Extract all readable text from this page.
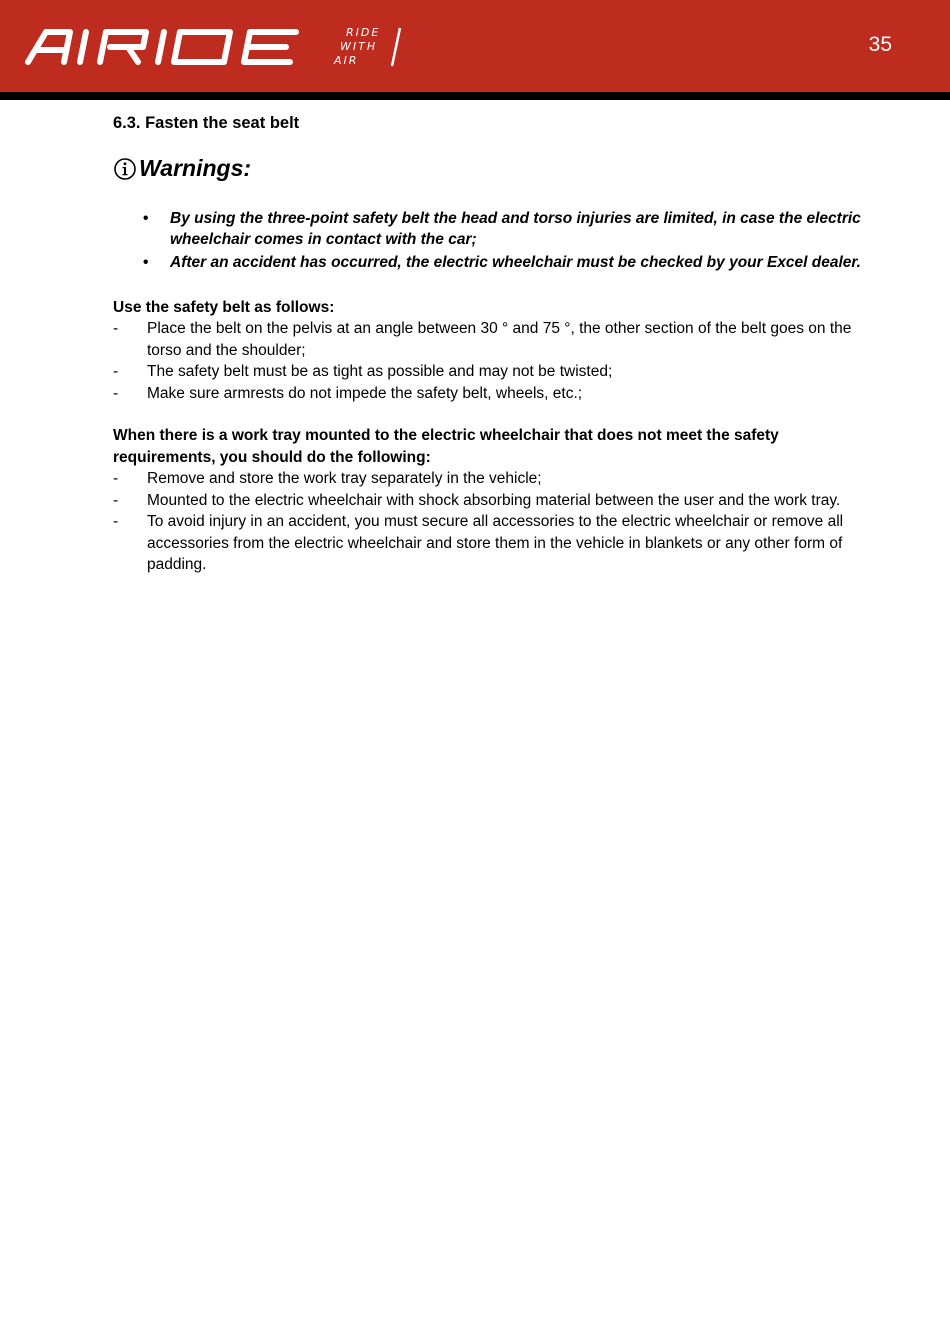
RIDE
WITH
AIR
35

6.3. Fasten the seat belt

Warnings:
• By using the three-point safety belt the head and torso injuries are limited, in case the electric wheelchair comes in contact with the car;
• After an accident has occurred, the electric wheelchair must be checked by your Excel dealer.
Use the safety belt as follows:
- Place the belt on the pelvis at an angle between 30 ° and 75 °, the other section of the belt goes on the torso and the shoulder;
- The safety belt must be as tight as possible and may not be twisted;
- Make sure armrests do not impede the safety belt, wheels, etc.;
When there is a work tray mounted to the electric wheelchair that does not meet the safety requirements, you should do the following:
- Remove and store the work tray separately in the vehicle;
- Mounted to the electric wheelchair with shock absorbing material between the user and the work tray.
- To avoid injury in an accident, you must secure all accessories to the electric wheelchair or remove all accessories from the electric wheelchair and store them in the vehicle in blankets or any other form of padding.
